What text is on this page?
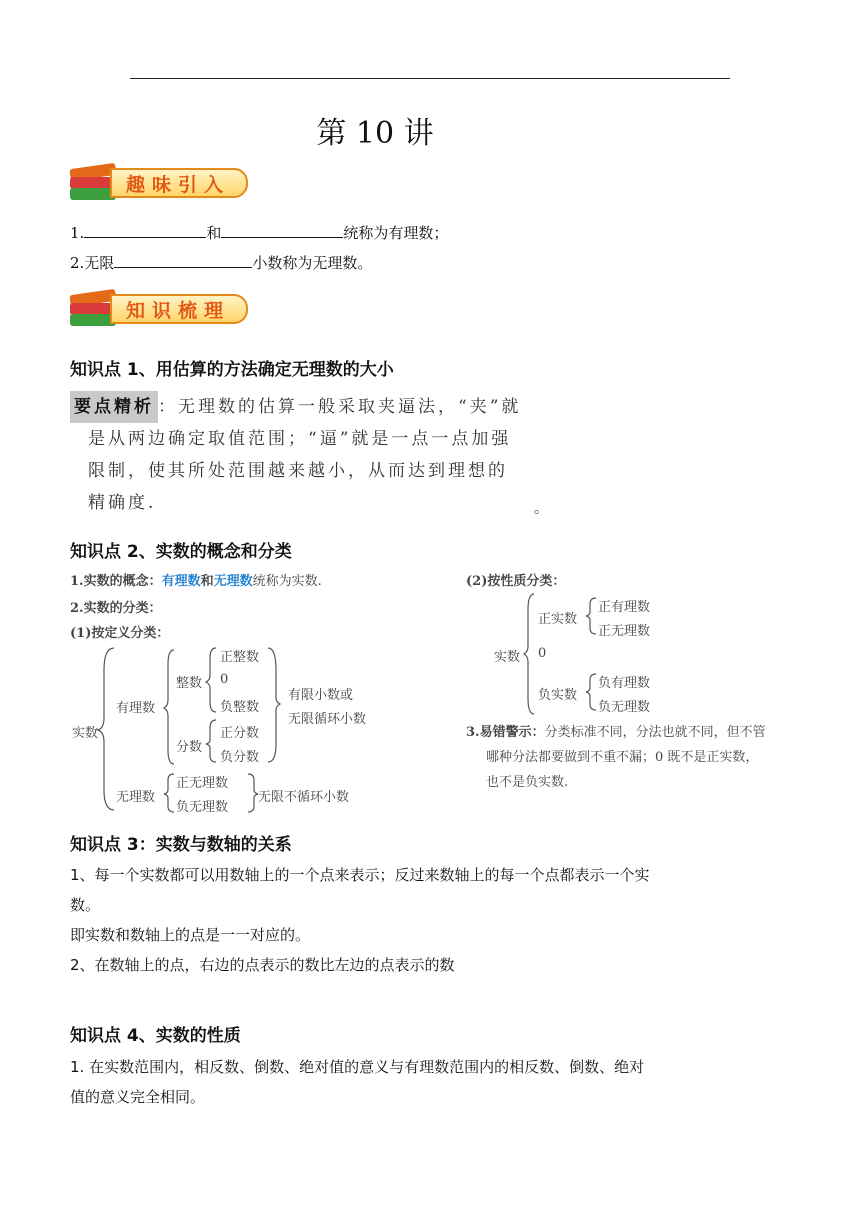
第 10 讲
趣味引入
1.	和	统称为有理数；
2.无限	小数称为无理数。
知识梳理
知识点 1、用估算的方法确定无理数的大小
要点精析 ：无理数的估算一般采取夹逼法，“夹”就
是从两边确定取值范围；“逼”就是一点一点加强
限制，使其所处范围越来越小，从而达到理想的
精确度.	。
知识点 2、实数的概念和分类
1.实数的概念：有理数和无理数统称为实数.
2.实数的分类：
(1)按定义分类：
(2)按性质分类：
实数
有理数
整数
正整数
0
负整数
分数
正分数
负分数
有限小数或
无限循环小数
无理数
正无理数
负无理数
无限不循环小数
实数
正实数
正有理数
正无理数
0
负实数
负有理数
负无理数
3.易错警示：分类标准不同，分法也就不同，但不管
哪种分法都要做到不重不漏；0 既不是正实数，
也不是负实数.
知识点 3：实数与数轴的关系
1、每一个实数都可以用数轴上的一个点来表示；反过来数轴上的每一个点都表示一个实
数。
即实数和数轴上的点是一一对应的。
2、在数轴上的点，右边的点表示的数比左边的点表示的数
知识点 4、实数的性质
1. 在实数范围内，相反数、倒数、绝对值的意义与有理数范围内的相反数、倒数、绝对
值的意义完全相同。
